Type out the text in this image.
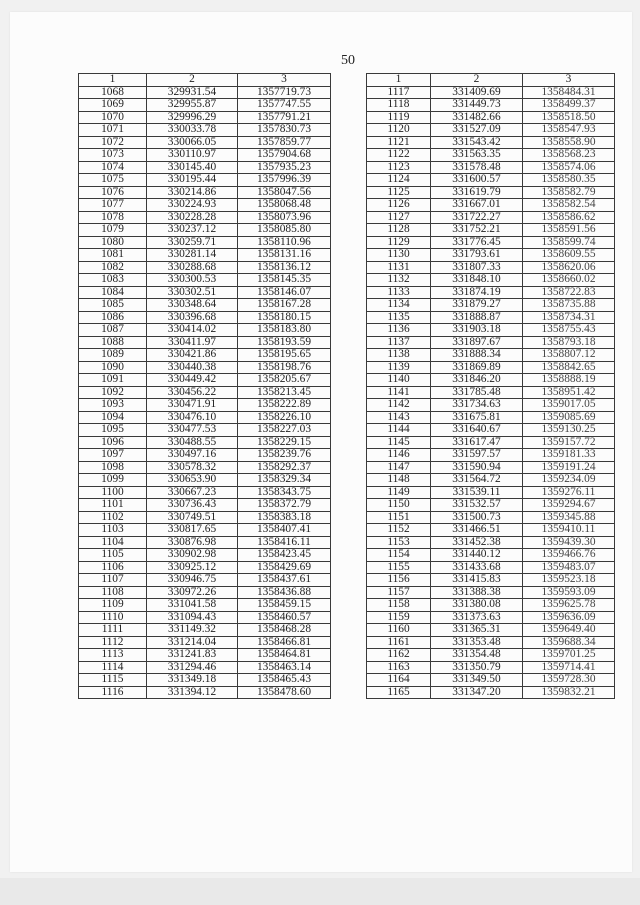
50
1	2	3
1068	329931.54	1357719.73
1069	329955.87	1357747.55
1070	329996.29	1357791.21
1071	330033.78	1357830.73
1072	330066.05	1357859.77
1073	330110.97	1357904.68
1074	330145.40	1357935.23
1075	330195.44	1357996.39
1076	330214.86	1358047.56
1077	330224.93	1358068.48
1078	330228.28	1358073.96
1079	330237.12	1358085.80
1080	330259.71	1358110.96
1081	330281.14	1358131.16
1082	330288.68	1358136.12
1083	330300.53	1358145.35
1084	330302.51	1358146.07
1085	330348.64	1358167.28
1086	330396.68	1358180.15
1087	330414.02	1358183.80
1088	330411.97	1358193.59
1089	330421.86	1358195.65
1090	330440.38	1358198.76
1091	330449.42	1358205.67
1092	330456.22	1358213.45
1093	330471.91	1358222.89
1094	330476.10	1358226.10
1095	330477.53	1358227.03
1096	330488.55	1358229.15
1097	330497.16	1358239.76
1098	330578.32	1358292.37
1099	330653.90	1358329.34
1100	330667.23	1358343.75
1101	330736.43	1358372.79
1102	330749.51	1358383.18
1103	330817.65	1358407.41
1104	330876.98	1358416.11
1105	330902.98	1358423.45
1106	330925.12	1358429.69
1107	330946.75	1358437.61
1108	330972.26	1358436.88
1109	331041.58	1358459.15
1110	331094.43	1358460.57
1111	331149.32	1358468.28
1112	331214.04	1358466.81
1113	331241.83	1358464.81
1114	331294.46	1358463.14
1115	331349.18	1358465.43
1116	331394.12	1358478.60
1	2	3
1117	331409.69	1358484.31
1118	331449.73	1358499.37
1119	331482.66	1358518.50
1120	331527.09	1358547.93
1121	331543.42	1358558.90
1122	331563.35	1358568.23
1123	331578.48	1358574.06
1124	331600.57	1358580.35
1125	331619.79	1358582.79
1126	331667.01	1358582.54
1127	331722.27	1358586.62
1128	331752.21	1358591.56
1129	331776.45	1358599.74
1130	331793.61	1358609.55
1131	331807.33	1358620.06
1132	331848.10	1358660.02
1133	331874.19	1358722.83
1134	331879.27	1358735.88
1135	331888.87	1358734.31
1136	331903.18	1358755.43
1137	331897.67	1358793.18
1138	331888.34	1358807.12
1139	331869.89	1358842.65
1140	331846.20	1358888.19
1141	331785.48	1358951.42
1142	331734.63	1359017.05
1143	331675.81	1359085.69
1144	331640.67	1359130.25
1145	331617.47	1359157.72
1146	331597.57	1359181.33
1147	331590.94	1359191.24
1148	331564.72	1359234.09
1149	331539.11	1359276.11
1150	331532.57	1359294.67
1151	331500.73	1359345.88
1152	331466.51	1359410.11
1153	331452.38	1359439.30
1154	331440.12	1359466.76
1155	331433.68	1359483.07
1156	331415.83	1359523.18
1157	331388.38	1359593.09
1158	331380.08	1359625.78
1159	331373.63	1359636.09
1160	331365.31	1359649.40
1161	331353.48	1359688.34
1162	331354.48	1359701.25
1163	331350.79	1359714.41
1164	331349.50	1359728.30
1165	331347.20	1359832.21
